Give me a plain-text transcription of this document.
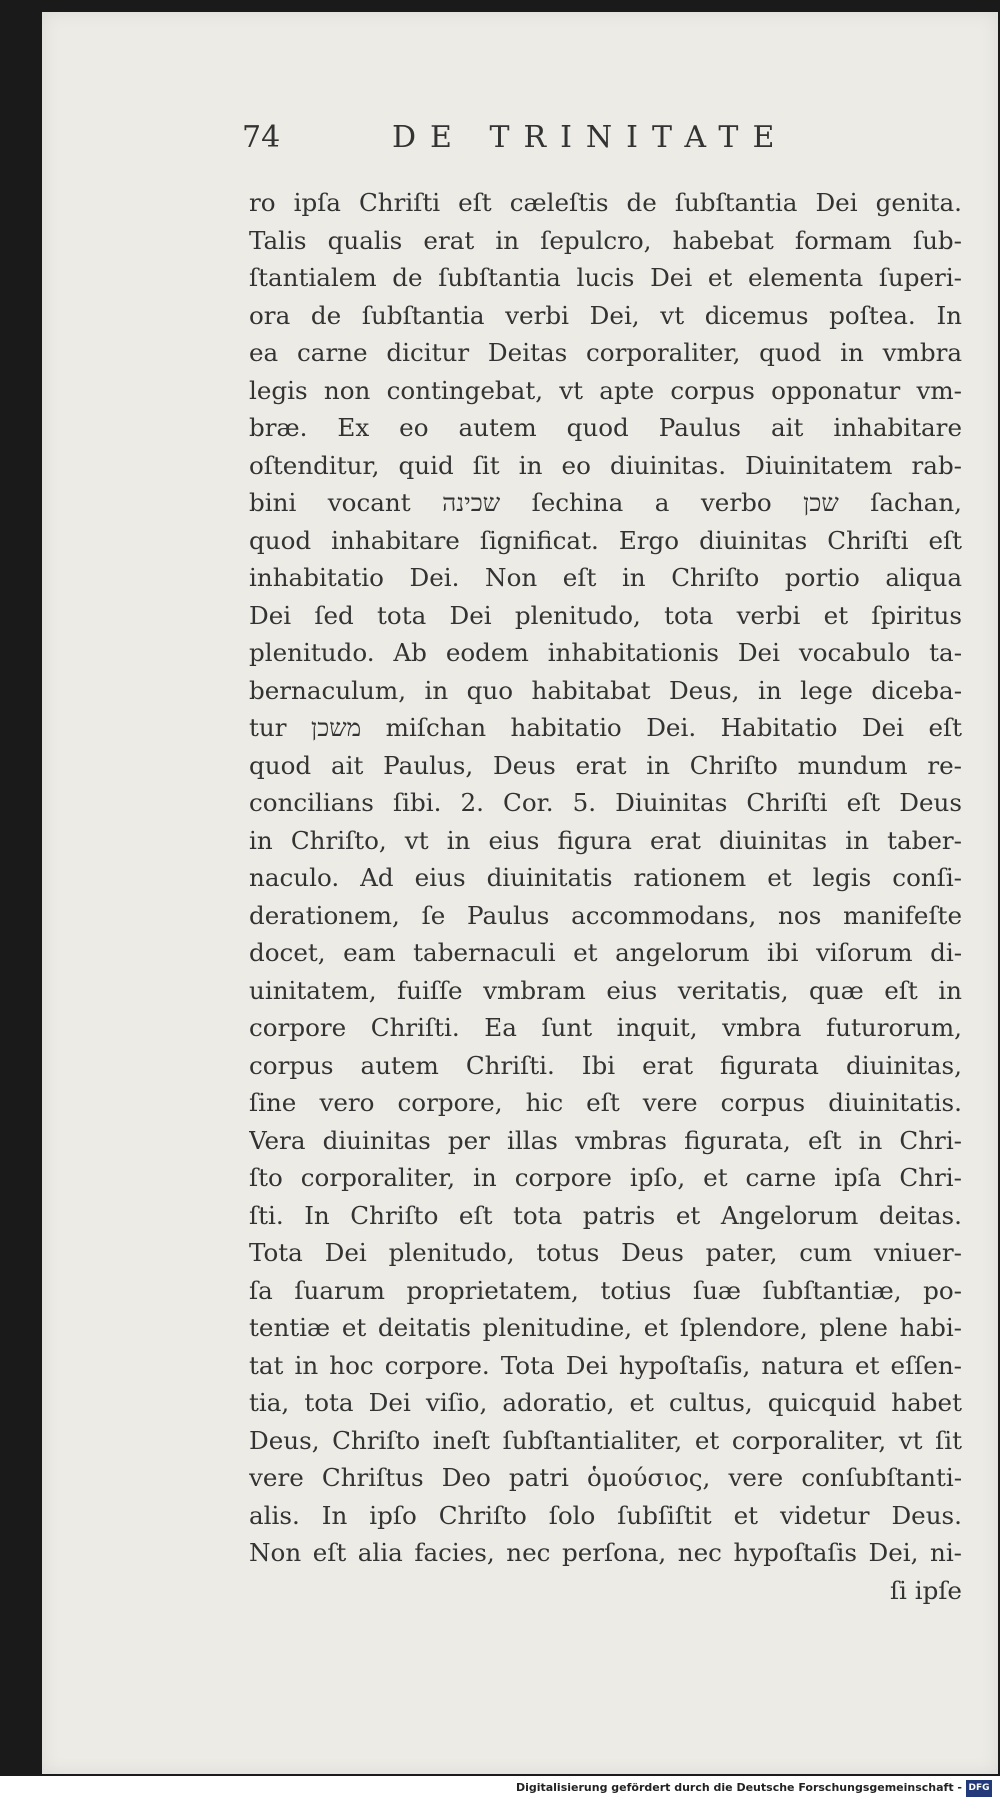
74	DE TRINITATE
ro ipſa Chriſti eſt cæleſtis de ſubſtantia Dei genita.
Talis qualis erat in ſepulcro, habebat formam ſub-
ſtantialem de ſubſtantia lucis Dei et elementa ſuperi-
ora de ſubſtantia verbi Dei, vt dicemus poſtea. In
ea carne dicitur Deitas corporaliter, quod in vmbra
legis non contingebat, vt apte corpus opponatur vm-
bræ. Ex eo autem quod Paulus ait inhabitare
oſtenditur, quid ſit in eo diuinitas. Diuinitatem rab-
bini vocant שכינה ſechina a verbo שכן ſachan,
quod inhabitare ſignificat. Ergo diuinitas Chriſti eſt
inhabitatio Dei. Non eſt in Chriſto portio aliqua
Dei ſed tota Dei plenitudo, tota verbi et ſpiritus
plenitudo. Ab eodem inhabitationis Dei vocabulo ta-
bernaculum, in quo habitabat Deus, in lege diceba-
tur משכן miſchan habitatio Dei. Habitatio Dei eſt
quod ait Paulus, Deus erat in Chriſto mundum re-
concilians ſibi. 2. Cor. 5. Diuinitas Chriſti eſt Deus
in Chriſto, vt in eius figura erat diuinitas in taber-
naculo. Ad eius diuinitatis rationem et legis conſi-
derationem, ſe Paulus accommodans, nos manifeſte
docet, eam tabernaculi et angelorum ibi viſorum di-
uinitatem, fuiſſe vmbram eius veritatis, quæ eſt in
corpore Chriſti. Ea ſunt inquit, vmbra futurorum,
corpus autem Chriſti. Ibi erat figurata diuinitas,
ſine vero corpore, hic eſt vere corpus diuinitatis.
Vera diuinitas per illas vmbras figurata, eſt in Chri-
ſto corporaliter, in corpore ipſo, et carne ipſa Chri-
ſti. In Chriſto eſt tota patris et Angelorum deitas.
Tota Dei plenitudo, totus Deus pater, cum vniuer-
ſa ſuarum proprietatem, totius ſuæ ſubſtantiæ, po-
tentiæ et deitatis plenitudine, et ſplendore, plene habi-
tat in hoc corpore. Tota Dei hypoſtaſis, natura et eſſen-
tia, tota Dei viſio, adoratio, et cultus, quicquid habet
Deus, Chriſto ineſt ſubſtantialiter, et corporaliter, vt ſit
vere Chriſtus Deo patri ὁμούσιος, vere conſubſtanti-
alis. In ipſo Chriſto ſolo ſubſiſtit et videtur Deus.
Non eſt alia facies, nec perſona, nec hypoſtaſis Dei, ni-
ſi ipſe
Digitalisierung gefördert durch die Deutsche Forschungsgemeinschaft - DFG
